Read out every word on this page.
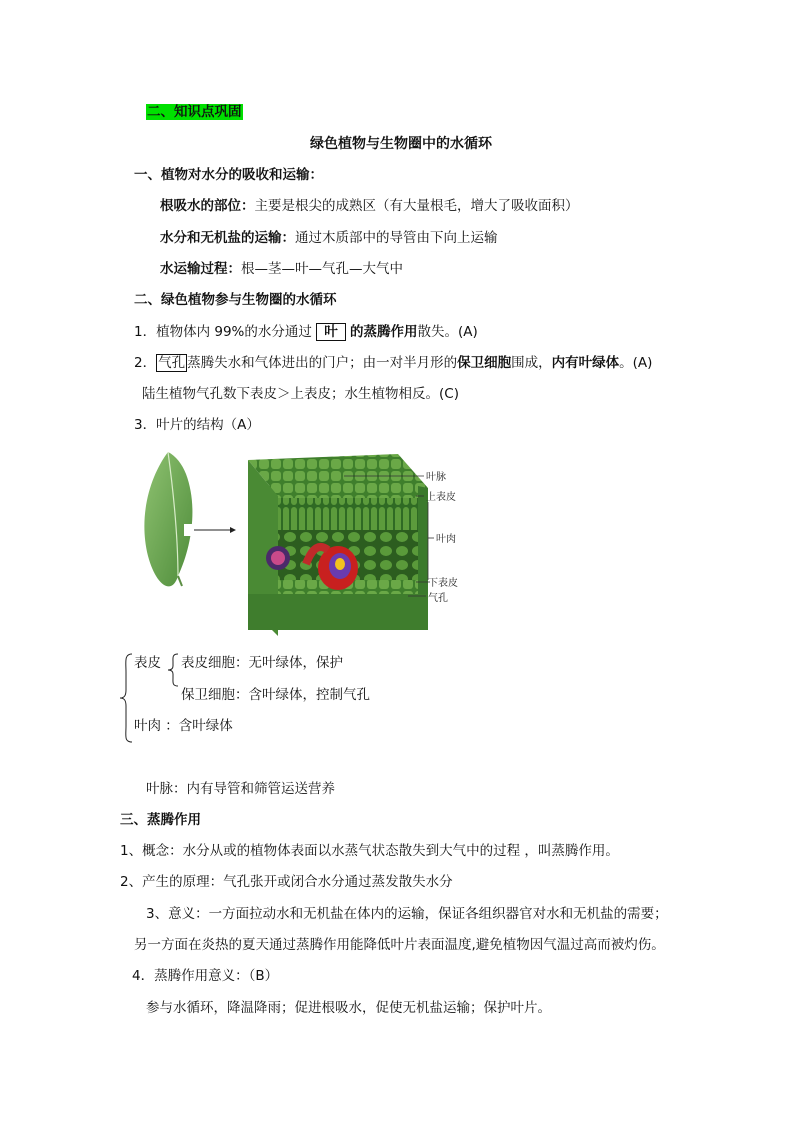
二、知识点巩固
绿色植物与生物圈中的水循环
一、植物对水分的吸收和运输：
根吸水的部位：主要是根尖的成熟区（有大量根毛，增大了吸收面积）
水分和无机盐的运输：通过木质部中的导管由下向上运输
水运输过程：根—茎—叶—气孔—大气中
二、绿色植物参与生物圈的水循环
1．植物体内 99%的水分通过 叶 的蒸腾作用散失。(A)
2． 气孔 蒸腾失水和气体进出的门户；由一对半月形的保卫细胞围成，内有叶绿体。(A)
陆生植物气孔数下表皮＞上表皮；水生植物相反。(C)
3．叶片的结构（A）
叶脉
上表皮
叶肉
下表皮
气孔
表皮 表皮细胞：无叶绿体，保护
保卫细胞：含叶绿体，控制气孔
叶肉 ：含叶绿体
叶脉：内有导管和筛管运送营养
三、蒸腾作用
1、概念：水分从或的植物体表面以水蒸气状态散失到大气中的过程 ，叫蒸腾作用。
2、产生的原理：气孔张开或闭合水分通过蒸发散失水分
3、意义：一方面拉动水和无机盐在体内的运输，保证各组织器官对水和无机盐的需要；
另一方面在炎热的夏天通过蒸腾作用能降低叶片表面温度,避免植物因气温过高而被灼伤。
4．蒸腾作用意义：（B）
参与水循环，降温降雨；促进根吸水，促使无机盐运输；保护叶片。
